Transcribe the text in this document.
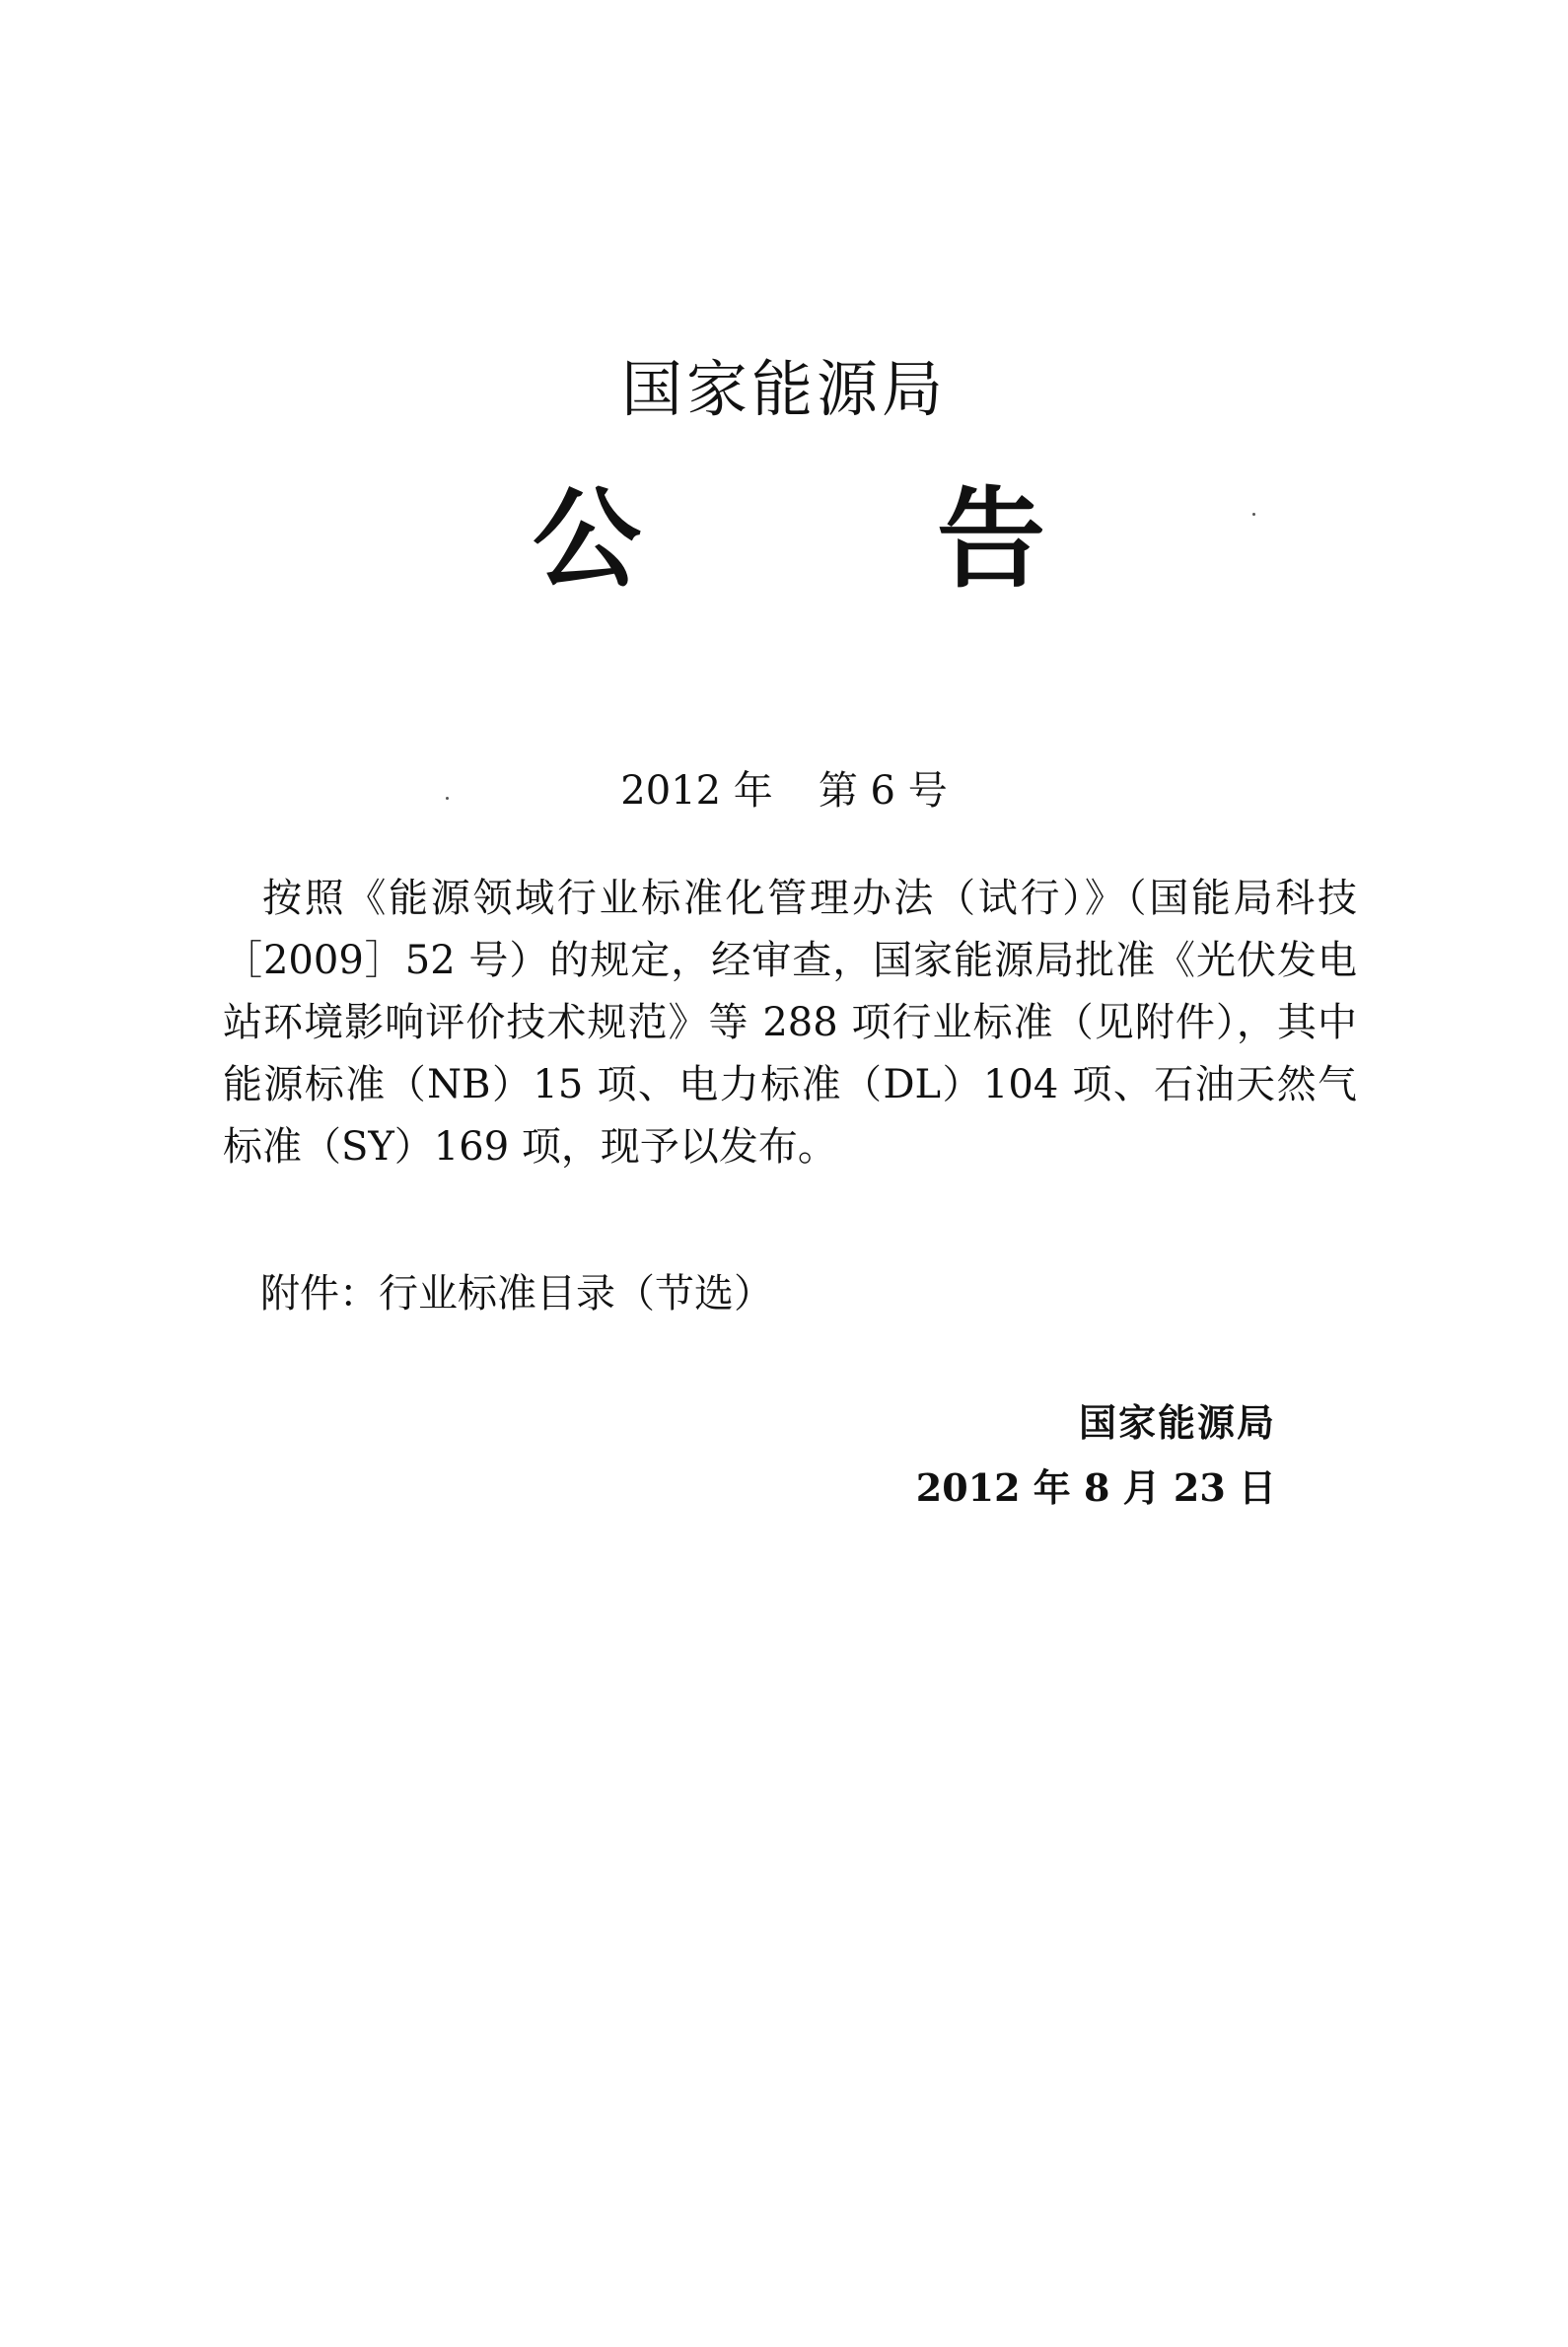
国家能源局
公	告
2012 年 第 6 号

按照《能源领域行业标准化管理办法（试行）》（国能局科技［2009］52 号）的规定，经审查，国家能源局批准《光伏发电站环境影响评价技术规范》等 288 项行业标准（见附件），其中能源标准（NB）15 项、电力标准（DL）104 项、石油天然气标准（SY）169 项，现予以发布。

附件：行业标准目录（节选）

国家能源局
2012 年 8 月 23 日
